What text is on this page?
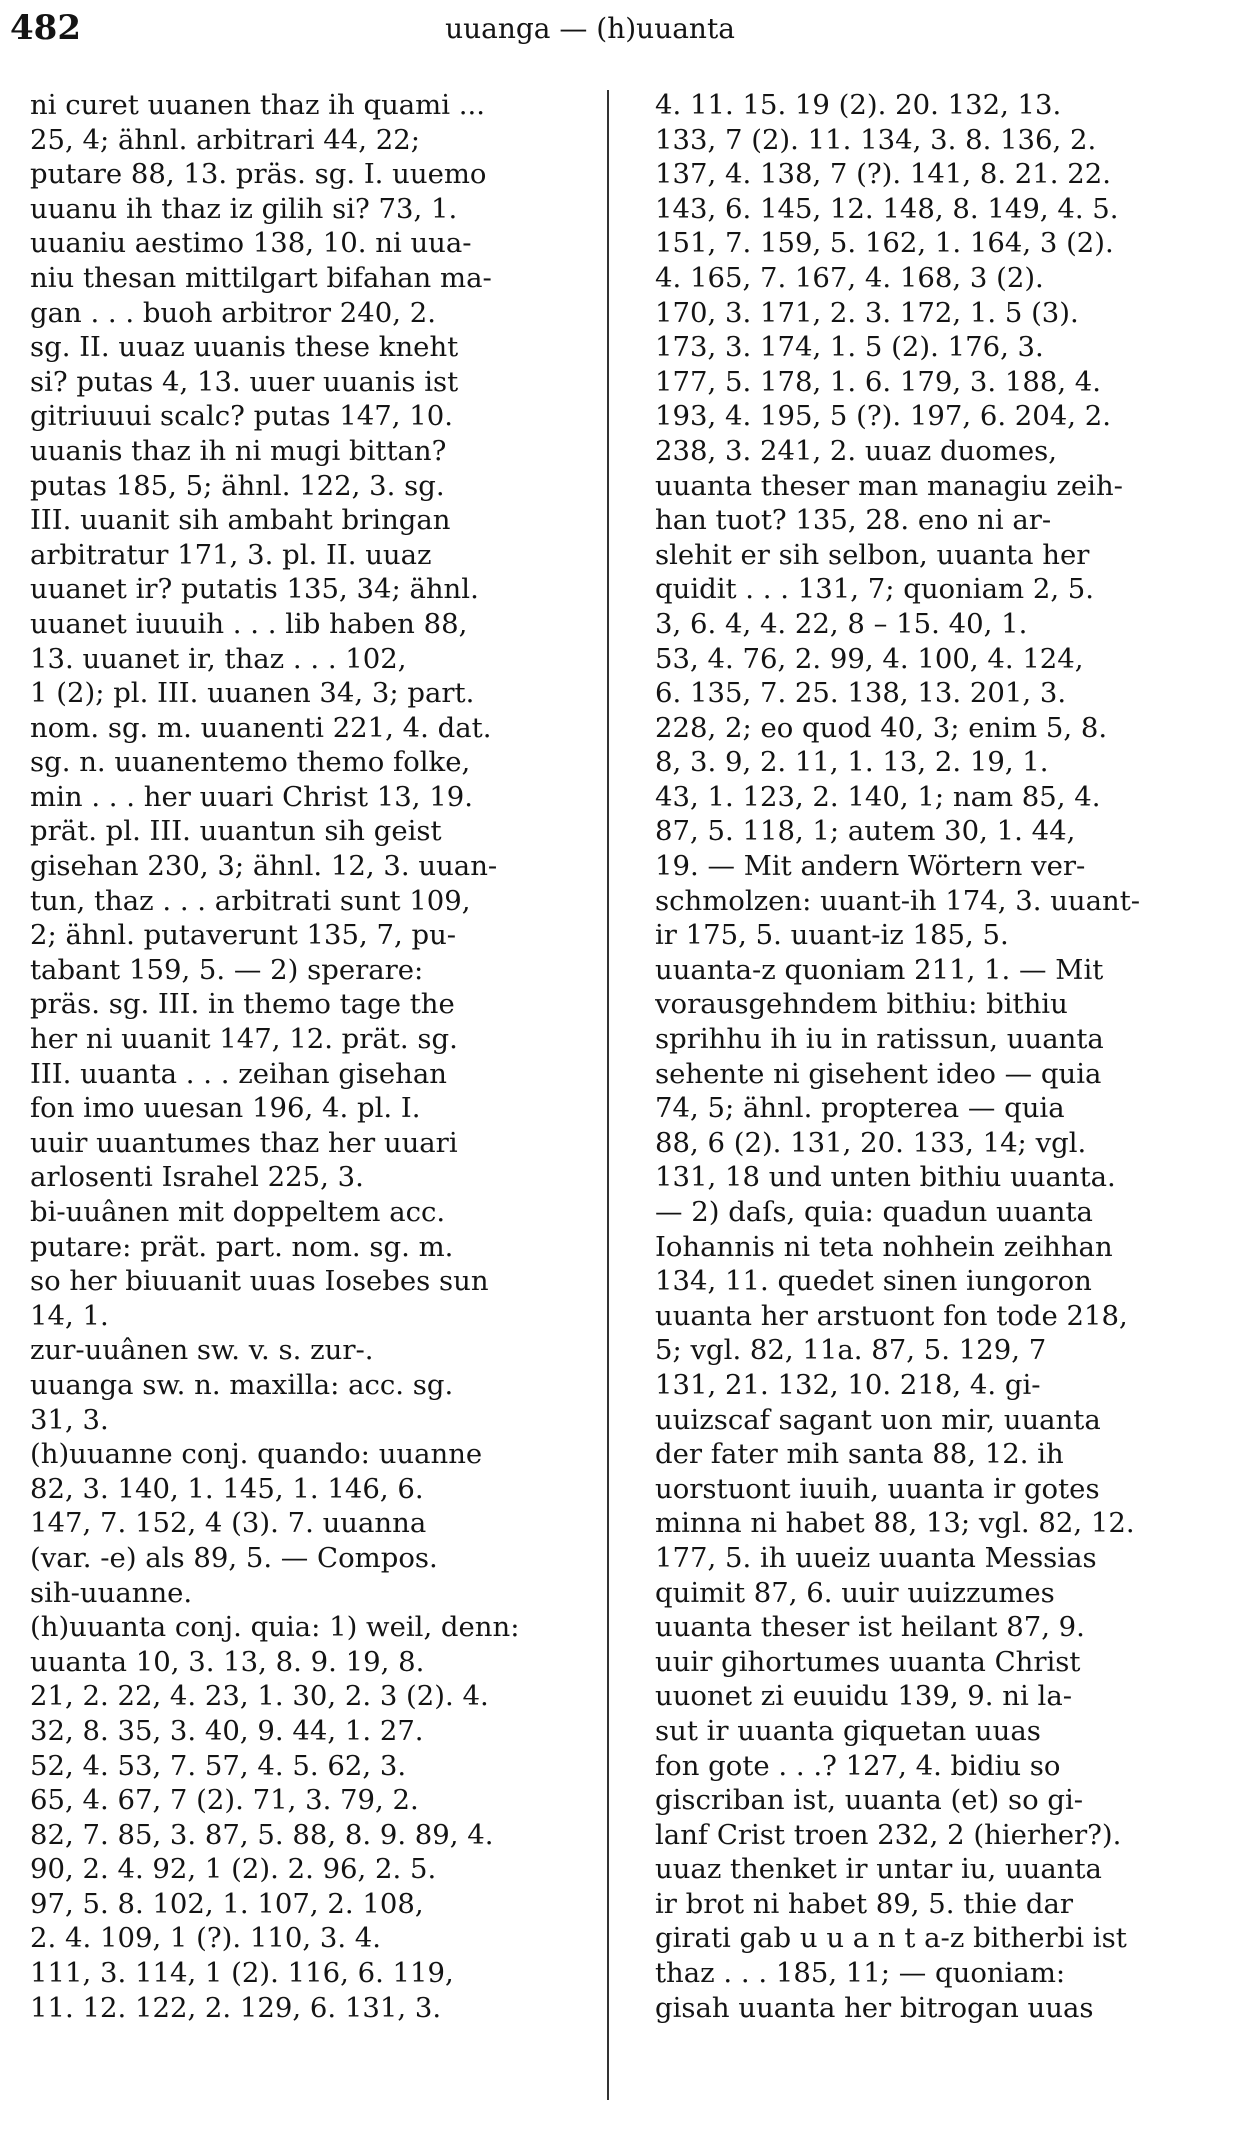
482	uuanga — (h)uuanta
ni curet uuanen thaz ih quami ...
25, 4; ähnl. arbitrari 44, 22;
putare 88, 13. präs. sg. I. uuemo
uuanu ih thaz iz gilih si? 73, 1.
uuaniu aestimo 138, 10. ni uua-
niu thesan mittilgart bifahan ma-
gan . . . buoh arbitror 240, 2.
sg. II. uuaz uuanis these kneht
si? putas 4, 13. uuer uuanis ist
gitriuuui scalc? putas 147, 10.
uuanis thaz ih ni mugi bittan?
putas 185, 5; ähnl. 122, 3. sg.
III. uuanit sih ambaht bringan
arbitratur 171, 3. pl. II. uuaz
uuanet ir? putatis 135, 34; ähnl.
uuanet iuuuih . . . lib haben 88,
13. uuanet ir, thaz . . . 102,
1 (2); pl. III. uuanen 34, 3; part.
nom. sg. m. uuanenti 221, 4. dat.
sg. n. uuanentemo themo folke,
min . . . her uuari Christ 13, 19.
prät. pl. III. uuantun sih geist
gisehan 230, 3; ähnl. 12, 3. uuan-
tun, thaz . . . arbitrati sunt 109,
2; ähnl. putaverunt 135, 7, pu-
tabant 159, 5. — 2) sperare:
präs. sg. III. in themo tage the
her ni uuanit 147, 12. prät. sg.
III. uuanta . . . zeihan gisehan
fon imo uuesan 196, 4. pl. I.
uuir uuantumes thaz her uuari
arlosenti Israhel 225, 3.
bi-uuânen mit doppeltem acc.
putare: prät. part. nom. sg. m.
so her biuuanit uuas Iosebes sun
14, 1.
zur-uuânen sw. v. s. zur-.
uuanga sw. n. maxilla: acc. sg.
31, 3.
(h)uuanne conj. quando: uuanne
82, 3. 140, 1. 145, 1. 146, 6.
147, 7. 152, 4 (3). 7. uuanna
(var. -e) als 89, 5. — Compos.
sih-uuanne.
(h)uuanta conj. quia: 1) weil, denn:
uuanta 10, 3. 13, 8. 9. 19, 8.
21, 2. 22, 4. 23, 1. 30, 2. 3 (2). 4.
32, 8. 35, 3. 40, 9. 44, 1. 27.
52, 4. 53, 7. 57, 4. 5. 62, 3.
65, 4. 67, 7 (2). 71, 3. 79, 2.
82, 7. 85, 3. 87, 5. 88, 8. 9. 89, 4.
90, 2. 4. 92, 1 (2). 2. 96, 2. 5.
97, 5. 8. 102, 1. 107, 2. 108,
2. 4. 109, 1 (?). 110, 3. 4.
111, 3. 114, 1 (2). 116, 6. 119,
11. 12. 122, 2. 129, 6. 131, 3.
4. 11. 15. 19 (2). 20. 132, 13.
133, 7 (2). 11. 134, 3. 8. 136, 2.
137, 4. 138, 7 (?). 141, 8. 21. 22.
143, 6. 145, 12. 148, 8. 149, 4. 5.
151, 7. 159, 5. 162, 1. 164, 3 (2).
4. 165, 7. 167, 4. 168, 3 (2).
170, 3. 171, 2. 3. 172, 1. 5 (3).
173, 3. 174, 1. 5 (2). 176, 3.
177, 5. 178, 1. 6. 179, 3. 188, 4.
193, 4. 195, 5 (?). 197, 6. 204, 2.
238, 3. 241, 2. uuaz duomes,
uuanta theser man managiu zeih-
han tuot? 135, 28. eno ni ar-
slehit er sih selbon, uuanta her
quidit . . . 131, 7; quoniam 2, 5.
3, 6. 4, 4. 22, 8 – 15. 40, 1.
53, 4. 76, 2. 99, 4. 100, 4. 124,
6. 135, 7. 25. 138, 13. 201, 3.
228, 2; eo quod 40, 3; enim 5, 8.
8, 3. 9, 2. 11, 1. 13, 2. 19, 1.
43, 1. 123, 2. 140, 1; nam 85, 4.
87, 5. 118, 1; autem 30, 1. 44,
19. — Mit andern Wörtern ver-
schmolzen: uuant-ih 174, 3. uuant-
ir 175, 5. uuant-iz 185, 5.
uuanta-z quoniam 211, 1. — Mit
vorausgehndem bithiu: bithiu
sprihhu ih iu in ratissun, uuanta
sehente ni gisehent ideo — quia
74, 5; ähnl. propterea — quia
88, 6 (2). 131, 20. 133, 14; vgl.
131, 18 und unten bithiu uuanta.
— 2) daſs, quia: quadun uuanta
Iohannis ni teta nohhein zeihhan
134, 11. quedet sinen iungoron
uuanta her arstuont fon tode 218,
5; vgl. 82, 11a. 87, 5. 129, 7
131, 21. 132, 10. 218, 4. gi-
uuizscaf sagant uon mir, uuanta
der fater mih santa 88, 12. ih
uorstuont iuuih, uuanta ir gotes
minna ni habet 88, 13; vgl. 82, 12.
177, 5. ih uueiz uuanta Messias
quimit 87, 6. uuir uuizzumes
uuanta theser ist heilant 87, 9.
uuir gihortumes uuanta Christ
uuonet zi euuidu 139, 9. ni la-
sut ir uuanta giquetan uuas
fon gote . . .? 127, 4. bidiu so
giscriban ist, uuanta (et) so gi-
lanf Crist troen 232, 2 (hierher?).
uuaz thenket ir untar iu, uuanta
ir brot ni habet 89, 5. thie dar
girati gab u u a n t a-z bitherbi ist
thaz . . . 185, 11; — quoniam:
gisah uuanta her bitrogan uuas
